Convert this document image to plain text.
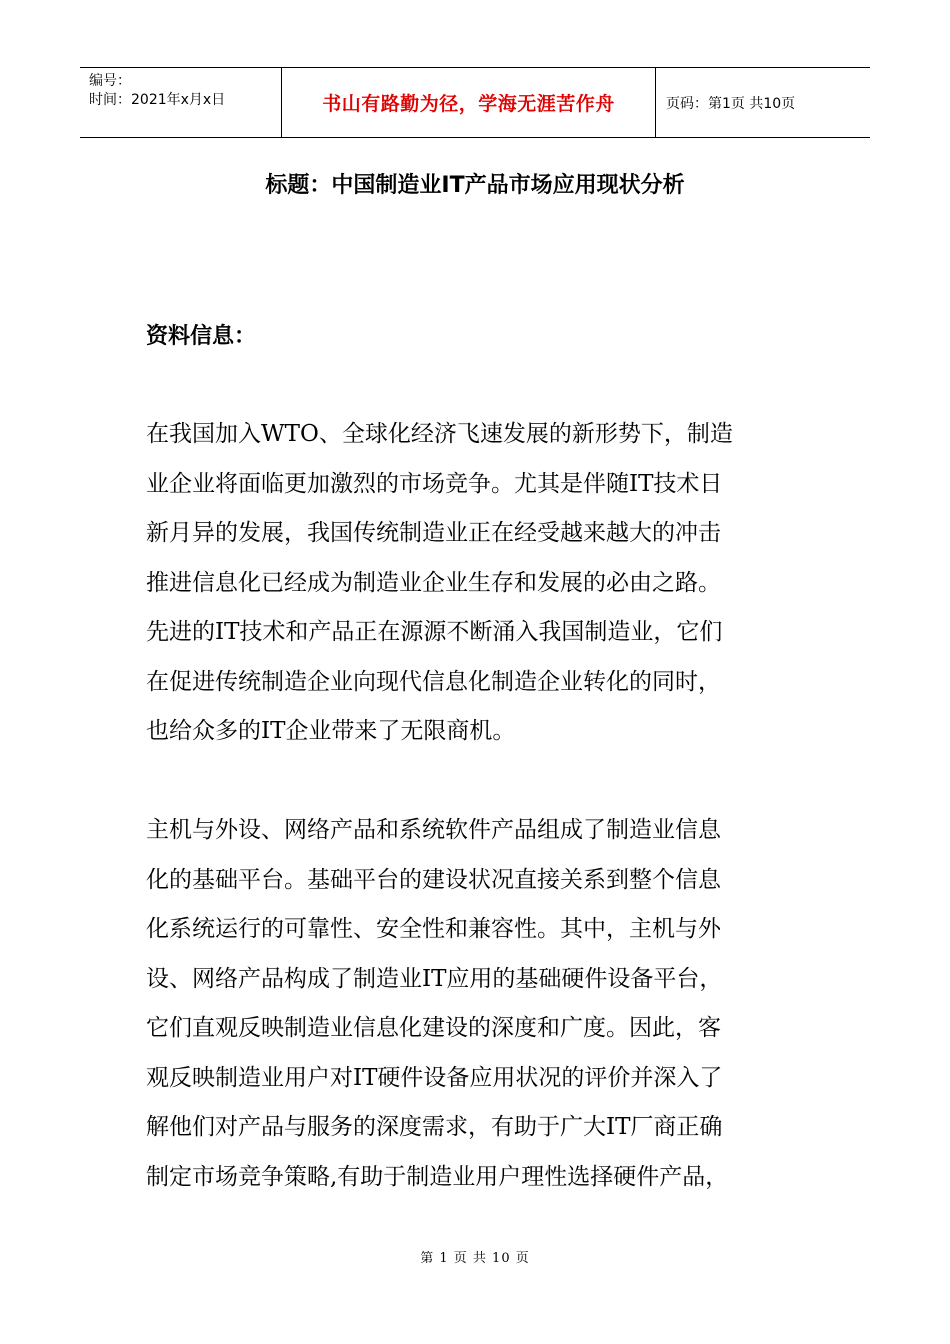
编号：
时间：2021年x月x日	书山有路勤为径，学海无涯苦作舟	页码：第1页 共10页
标题：中国制造业IT产品市场应用现状分析
资料信息：
在我国加入WTO、全球化经济飞速发展的新形势下，制造
业企业将面临更加激烈的市场竞争。尤其是伴随IT技术日
新月异的发展，我国传统制造业正在经受越来越大的冲击
推进信息化已经成为制造业企业生存和发展的必由之路。
先进的IT技术和产品正在源源不断涌入我国制造业，它们
在促进传统制造企业向现代信息化制造企业转化的同时，
也给众多的IT企业带来了无限商机。
主机与外设、网络产品和系统软件产品组成了制造业信息
化的基础平台。基础平台的建设状况直接关系到整个信息
化系统运行的可靠性、安全性和兼容性。其中，主机与外
设、网络产品构成了制造业IT应用的基础硬件设备平台，
它们直观反映制造业信息化建设的深度和广度。因此，客
观反映制造业用户对IT硬件设备应用状况的评价并深入了
解他们对产品与服务的深度需求，有助于广大IT厂商正确
制定市场竞争策略,有助于制造业用户理性选择硬件产品，
第 1 页 共 10 页
